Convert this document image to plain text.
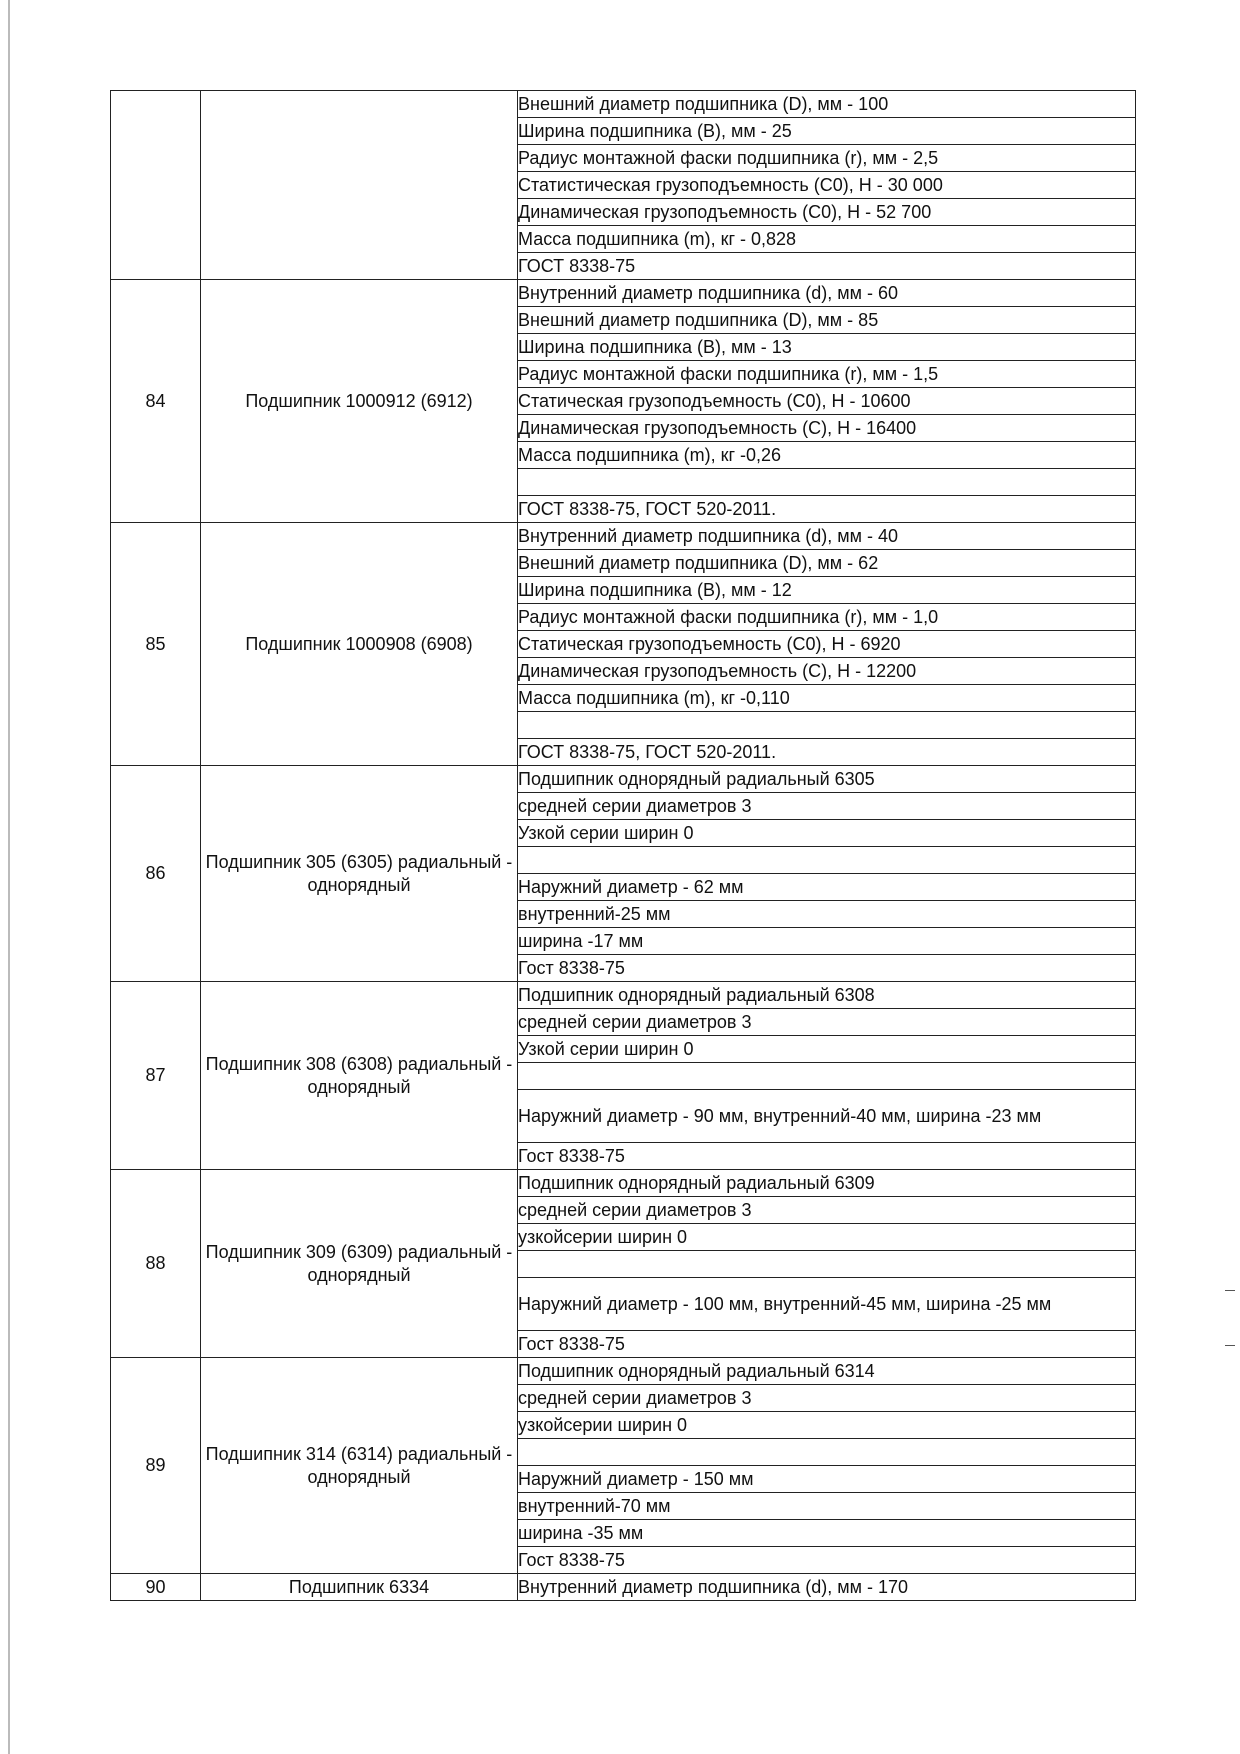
		Внешний диаметр подшипника (D), мм - 100
		Ширина подшипника (B), мм - 25
		Радиус монтажной фаски подшипника (r), мм - 2,5
		Статистическая грузоподъемность (C0), H - 30 000
		Динамическая грузоподъемность (C0), H - 52 700
		Масса подшипника (m), кг - 0,828
		ГОСТ 8338-75
84	Подшипник 1000912 (6912)	Внутренний диаметр подшипника (d), мм - 60
		Внешний диаметр подшипника (D), мм - 85
		Ширина подшипника (B), мм - 13
		Радиус монтажной фаски подшипника (r), мм - 1,5
		Статическая грузоподъемность (C0), H - 10600
		Динамическая грузоподъемность (C), H - 16400
		Масса подшипника (m), кг -0,26

		ГОСТ 8338-75, ГОСТ 520-2011.
85	Подшипник 1000908 (6908)	Внутренний диаметр подшипника (d), мм - 40
		Внешний диаметр подшипника (D), мм - 62
		Ширина подшипника (B), мм - 12
		Радиус монтажной фаски подшипника (r), мм - 1,0
		Статическая грузоподъемность (C0), H - 6920
		Динамическая грузоподъемность (C), H - 12200
		Масса подшипника (m), кг -0,110

		ГОСТ 8338-75, ГОСТ 520-2011.
86	Подшипник 305 (6305) радиальный - однорядный	Подшипник однорядный радиальный 6305
		средней серии диаметров 3
		Узкой серии ширин 0

		Наружний диаметр - 62 мм
		внутренний-25 мм
		ширина -17 мм
		Гост 8338-75
87	Подшипник 308 (6308) радиальный - однорядный	Подшипник однорядный радиальный 6308
		средней серии диаметров 3
		Узкой серии ширин 0

		Наружний диаметр - 90 мм, внутренний-40 мм, ширина -23 мм
		Гост 8338-75
88	Подшипник 309 (6309) радиальный - однорядный	Подшипник однорядный радиальный 6309
		средней серии диаметров 3
		узкойсерии ширин 0

		Наружний диаметр - 100 мм, внутренний-45 мм, ширина -25 мм
		Гост 8338-75
89	Подшипник 314 (6314) радиальный - однорядный	Подшипник однорядный радиальный 6314
		средней серии диаметров 3
		узкойсерии ширин 0

		Наружний диаметр - 150 мм
		внутренний-70 мм
		ширина -35 мм
		Гост 8338-75
90	Подшипник 6334	Внутренний диаметр подшипника (d), мм - 170
